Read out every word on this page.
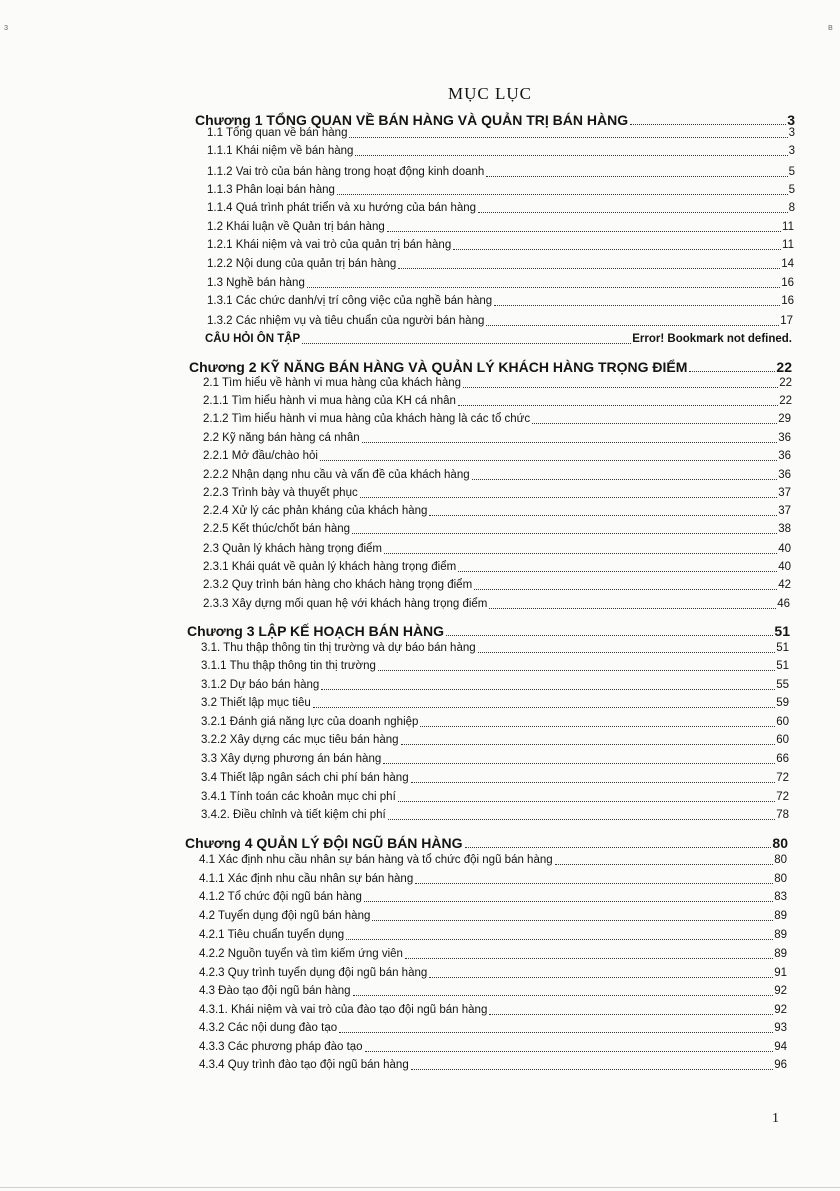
ɜ	ʙ
MỤC LỤC
Chương 1 TỔNG QUAN VỀ BÁN HÀNG VÀ QUẢN TRỊ BÁN HÀNG	3
1.1 Tổng quan về bán hàng	3
1.1.1 Khái niệm về bán hàng	3
1.1.2 Vai trò của bán hàng trong hoạt động kinh doanh	5
1.1.3 Phân loại bán hàng	5
1.1.4 Quá trình phát triển và xu hướng của bán hàng	8
1.2 Khái luận về Quản trị bán hàng	11
1.2.1 Khái niệm và vai trò của quản trị bán hàng	11
1.2.2 Nội dung của quản trị bán hàng	14
1.3 Nghề bán hàng	16
1.3.1 Các chức danh/vị trí công việc của nghề bán hàng	16
1.3.2 Các nhiệm vụ và tiêu chuẩn của người bán hàng	17
CÂU HỎI ÔN TẬP	Error! Bookmark not defined.
Chương 2 KỸ NĂNG BÁN HÀNG VÀ QUẢN LÝ KHÁCH HÀNG TRỌNG ĐIỂM	22
2.1 Tìm hiểu về hành vi mua hàng của khách hàng	22
2.1.1 Tìm hiểu hành vi mua hàng của KH cá nhân	22
2.1.2 Tìm hiểu hành vi mua hàng của khách hàng là các tổ chức	29
2.2 Kỹ năng bán hàng cá nhân	36
2.2.1 Mở đầu/chào hỏi	36
2.2.2 Nhận dạng nhu cầu và vấn đề của khách hàng	36
2.2.3 Trình bày và thuyết phục	37
2.2.4 Xử lý các phản kháng của khách hàng	37
2.2.5 Kết thúc/chốt bán hàng	38
2.3 Quản lý khách hàng trọng điểm	40
2.3.1 Khái quát về quản lý khách hàng trọng điểm	40
2.3.2 Quy trình bán hàng cho khách hàng trọng điểm	42
2.3.3 Xây dựng mối quan hệ với khách hàng trọng điểm	46
Chương 3 LẬP KẾ HOẠCH BÁN HÀNG	51
3.1. Thu thập thông tin thị trường và dự báo bán hàng	51
3.1.1 Thu thập thông tin thị trường	51
3.1.2 Dự báo bán hàng	55
3.2 Thiết lập mục tiêu	59
3.2.1 Đánh giá năng lực của doanh nghiệp	60
3.2.2 Xây dựng các mục tiêu bán hàng	60
3.3 Xây dựng phương án bán hàng	66
3.4 Thiết lập ngân sách chi phí bán hàng	72
3.4.1 Tính toán các khoản mục chi phí	72
3.4.2. Điều chỉnh và tiết kiệm chi phí	78
Chương 4 QUẢN LÝ ĐỘI NGŨ BÁN HÀNG	80
4.1 Xác định nhu cầu nhân sự bán hàng và tổ chức đội ngũ bán hàng	80
4.1.1 Xác định nhu cầu nhân sự bán hàng	80
4.1.2 Tổ chức đội ngũ bán hàng	83
4.2 Tuyển dụng đội ngũ bán hàng	89
4.2.1 Tiêu chuẩn tuyển dụng	89
4.2.2 Nguồn tuyển và tìm kiếm ứng viên	89
4.2.3 Quy trình tuyển dụng đội ngũ bán hàng	91
4.3 Đào tạo đội ngũ bán hàng	92
4.3.1. Khái niệm và vai trò của đào tạo đội ngũ bán hàng	92
4.3.2 Các nội dung đào tạo	93
4.3.3 Các phương pháp đào tạo	94
4.3.4 Quy trình đào tạo đội ngũ bán hàng	96
1
